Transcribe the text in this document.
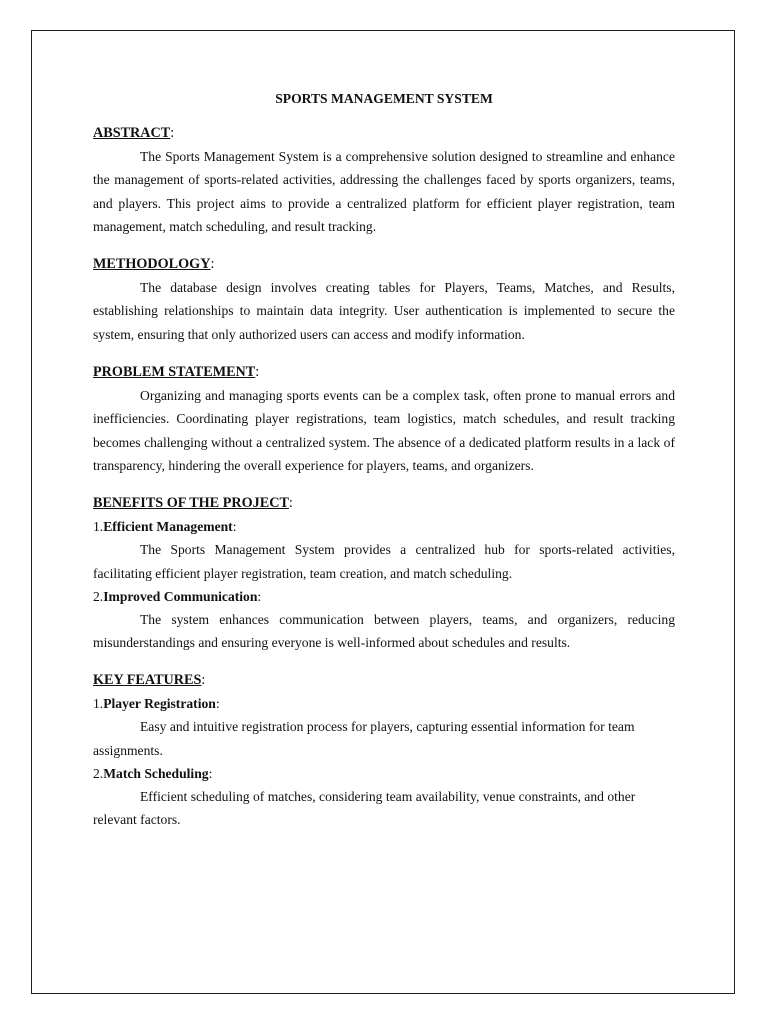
SPORTS MANAGEMENT SYSTEM

ABSTRACT:

The Sports Management System is a comprehensive solution designed to streamline and enhance the management of sports-related activities, addressing the challenges faced by sports organizers, teams, and players. This project aims to provide a centralized platform for efficient player registration, team management, match scheduling, and result tracking.

METHODOLOGY:

The database design involves creating tables for Players, Teams, Matches, and Results, establishing relationships to maintain data integrity. User authentication is implemented to secure the system, ensuring that only authorized users can access and modify information.

PROBLEM STATEMENT:

Organizing and managing sports events can be a complex task, often prone to manual errors and inefficiencies. Coordinating player registrations, team logistics, match schedules, and result tracking becomes challenging without a centralized system. The absence of a dedicated platform results in a lack of transparency, hindering the overall experience for players, teams, and organizers.

BENEFITS OF THE PROJECT:

1.Efficient Management:

The Sports Management System provides a centralized hub for sports-related activities, facilitating efficient player registration, team creation, and match scheduling.

2.Improved Communication:

The system enhances communication between players, teams, and organizers, reducing misunderstandings and ensuring everyone is well-informed about schedules and results.

KEY FEATURES:

1.Player Registration:

Easy and intuitive registration process for players, capturing essential information for team assignments.

2.Match Scheduling:

Efficient scheduling of matches, considering team availability, venue constraints, and other relevant factors.
